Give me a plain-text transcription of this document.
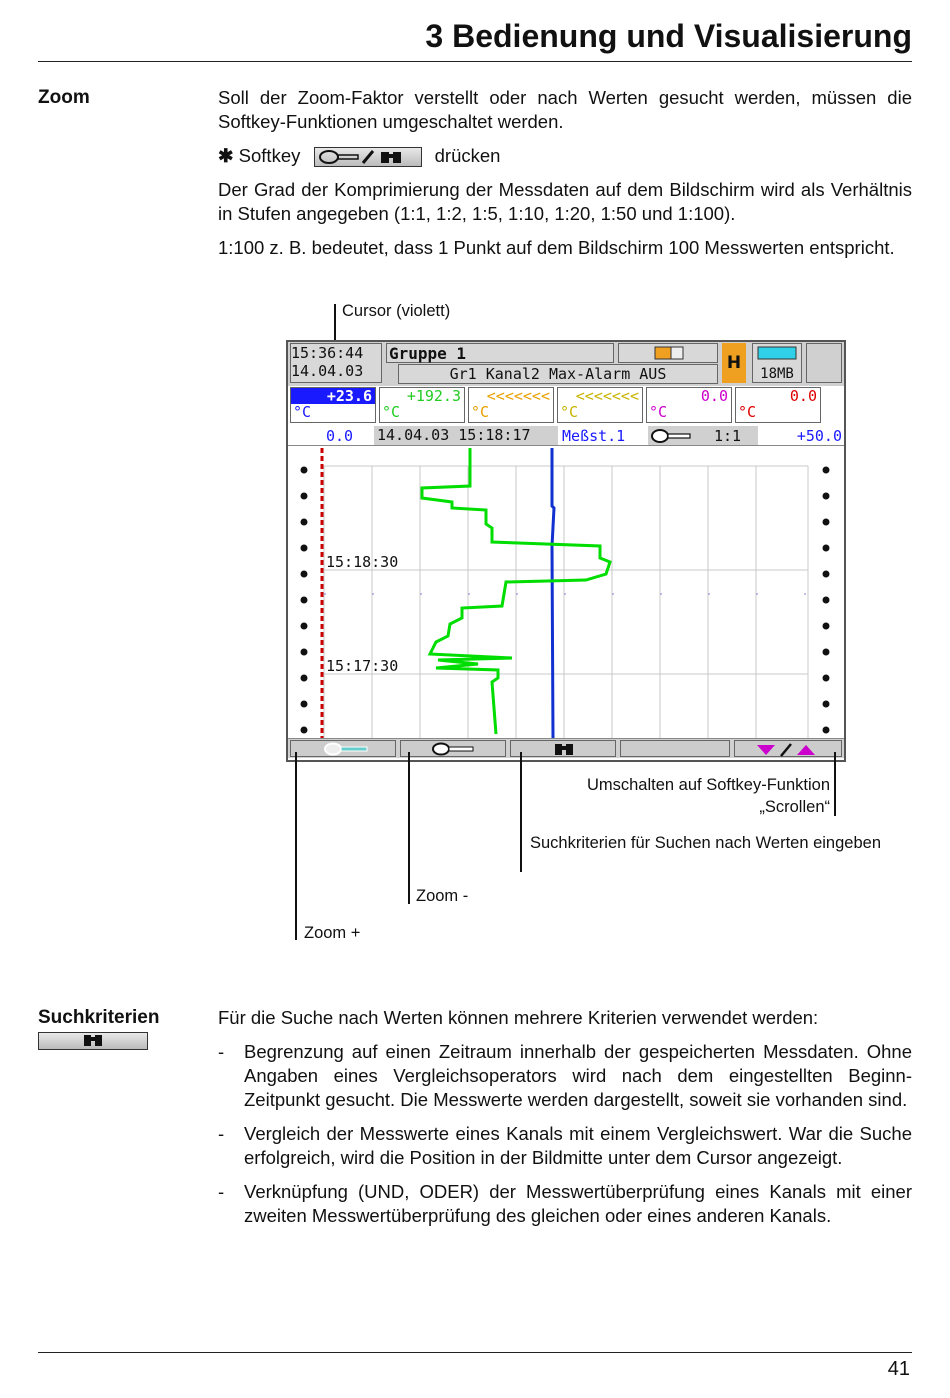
3 Bedienung und Visualisierung
Zoom	Soll der Zoom-Faktor verstellt oder nach Werten gesucht werden, müssen die Softkey-Funktionen umgeschaltet werden.

✱ Softkey	drücken

Der Grad der Komprimierung der Messdaten auf dem Bildschirm wird als Verhältnis in Stufen angegeben (1:1, 1:2, 1:5, 1:10, 1:20, 1:50 und 1:100).

1:100 z. B. bedeutet, dass 1 Punkt auf dem Bildschirm 100 Messwerten entspricht.

Cursor (violett)
15:36:44
14.04.03
Gruppe 1
Gr1 Kanal2 Max-Alarm AUS
H
18MB
+23.6
°C
+192.3
°C
<<<<<<<
°C
<<<<<<<
°C
0.0
°C
0.0
°C
0.0	14.04.03 15:18:17	Meßst.1	1:1	+50.0
15:18:30
15:17:30
Umschalten auf Softkey-Funktion „Scrollen“
Suchkriterien für Suchen nach Werten eingeben
Zoom -
Zoom +
Suchkriterien	Für die Suche nach Werten können mehrere Kriterien verwendet werden:

-	Begrenzung auf einen Zeitraum innerhalb der gespeicherten Messdaten. Ohne Angaben eines Vergleichsoperators wird nach dem eingestellten Beginn-Zeitpunkt gesucht. Die Messwerte werden dargestellt, soweit sie vorhanden sind.
-	Vergleich der Messwerte eines Kanals mit einem Vergleichswert. War die Suche erfolgreich, wird die Position in der Bildmitte unter dem Cursor angezeigt.
-	Verknüpfung (UND, ODER) der Messwertüberprüfung eines Kanals mit einer zweiten Messwertüberprüfung des gleichen oder eines anderen Kanals.
41
